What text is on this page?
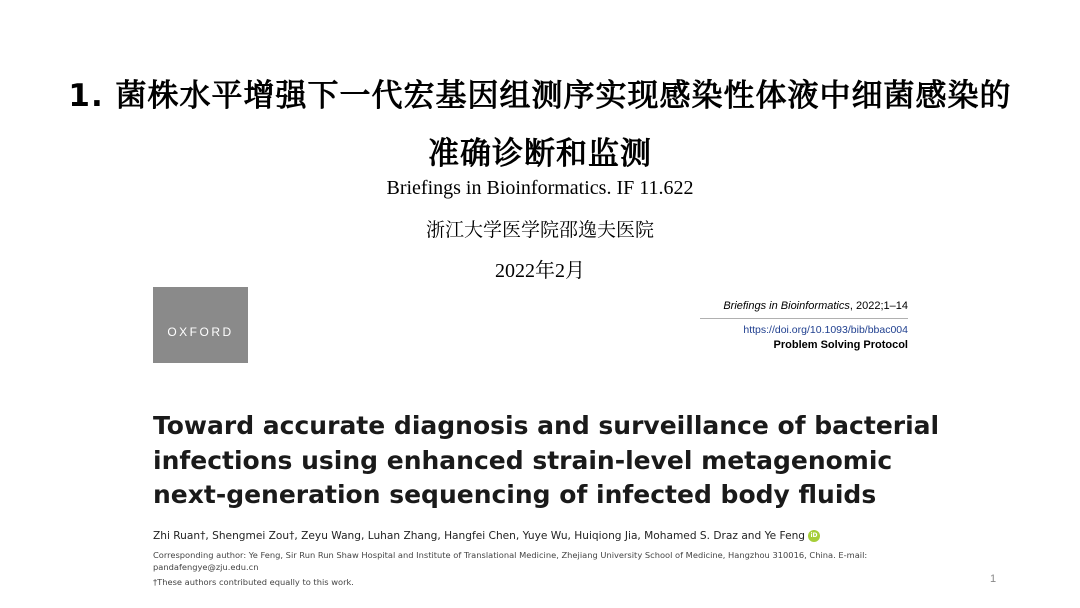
1. 菌株水平增强下一代宏基因组测序实现感染性体液中细菌感染的
准确诊断和监测
Briefings in Bioinformatics. IF 11.622
浙江大学医学院邵逸夫医院
2022年2月
OXFORD
Briefings in Bioinformatics, 2022;1–14
https://doi.org/10.1093/bib/bbac004
Problem Solving Protocol
Toward accurate diagnosis and surveillance of bacterial
infections using enhanced strain-level metagenomic
next-generation sequencing of infected body fluids
Zhi Ruan†, Shengmei Zou†, Zeyu Wang, Luhan Zhang, Hangfei Chen, Yuye Wu, Huiqiong Jia, Mohamed S. Draz and Ye Feng iD
Corresponding author: Ye Feng, Sir Run Run Shaw Hospital and Institute of Translational Medicine, Zhejiang University School of Medicine, Hangzhou 310016, China. E-mail: pandafengye@zju.edu.cn
†These authors contributed equally to this work.	1
